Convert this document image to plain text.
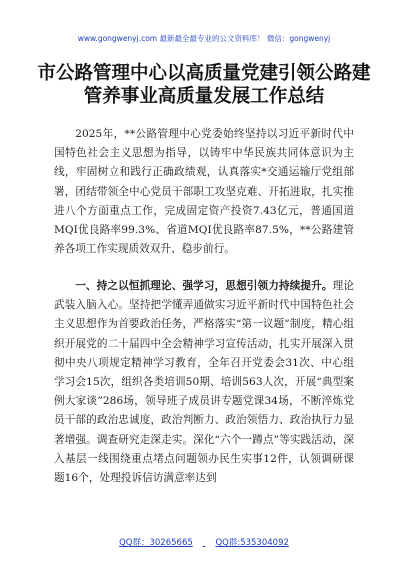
www.gongwenyj.com 最新最全最专业的公文资料库！ 微信：gongwenyj
市公路管理中心以高质量党建引领公路建
管养事业高质量发展工作总结
2025年，**公路管理中心党委始终坚持以习近平新时代中国特色社会主义思想为指导，以铸牢中华民族共同体意识为主线，牢固树立和践行正确政绩观，认真落实*交通运输厅党组部署，团结带领全中心党员干部职工攻坚克难、开拓进取，扎实推进八个方面重点工作，完成固定资产投资7.43亿元，普通国道MQI优良路率99.3%、省道MQI优良路率87.5%，**公路建管养各项工作实现质效双升、稳步前行。
一、持之以恒抓理论、强学习，思想引领力持续提升。理论武装入脑入心。坚持把学懂弄通做实习近平新时代中国特色社会主义思想作为首要政治任务，严格落实“第一议题”制度，精心组织开展党的二十届四中全会精神学习宣传活动，扎实开展深入贯彻中央八项规定精神学习教育，全年召开党委会31次、中心组学习会15次，组织各类培训50期、培训563人次，开展“典型案例大家谈”286场，领导班子成员讲专题党课34场，不断淬炼党员干部的政治忠诚度，政治判断力、政治领悟力、政治执行力显著增强。调查研究走深走实。深化“六个一蹲点”等实践活动，深入基层一线围绕重点堵点问题领办民生实事12件，认领调研课题16个，处理投诉信访满意率达到
QQ群：30265665	QQ群:535304092
